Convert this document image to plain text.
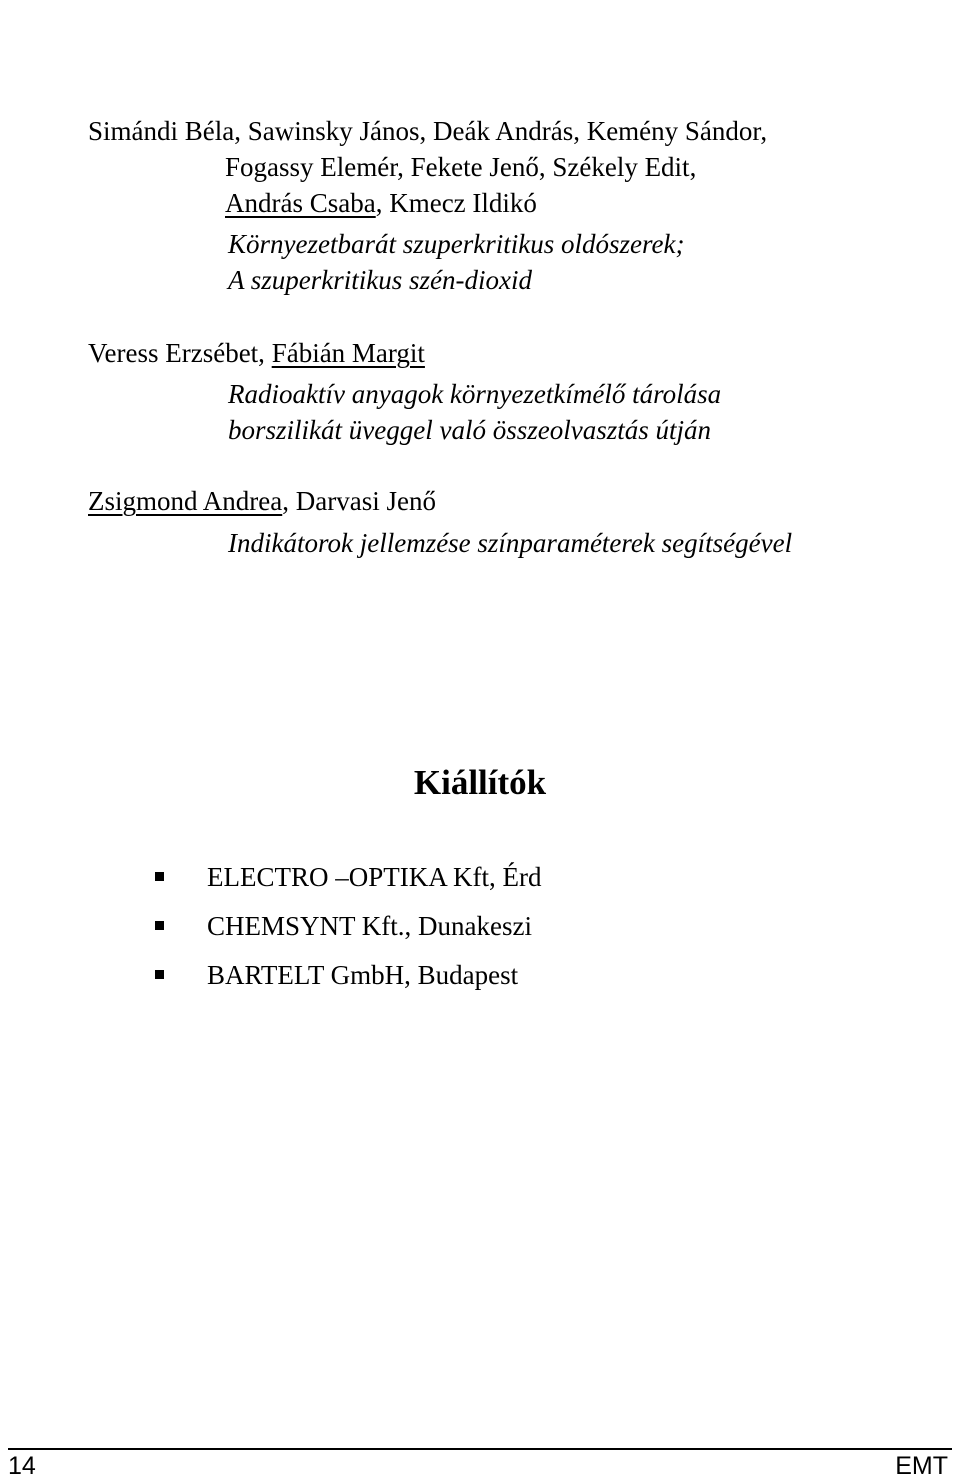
Simándi Béla, Sawinsky János, Deák András, Kemény Sándor,
Fogassy Elemér, Fekete Jenő, Székely Edit,
András Csaba, Kmecz Ildikó
Környezetbarát szuperkritikus oldószerek;
A szuperkritikus szén-dioxid
Veress Erzsébet, Fábián Margit
Radioaktív anyagok környezetkímélő tárolása
borszilikát üveggel való összeolvasztás útján
Zsigmond Andrea, Darvasi Jenő
Indikátorok jellemzése színparaméterek segítségével
Kiállítók
ELECTRO –OPTIKA Kft, Érd
CHEMSYNT Kft., Dunakeszi
BARTELT GmbH, Budapest
14	EMT
